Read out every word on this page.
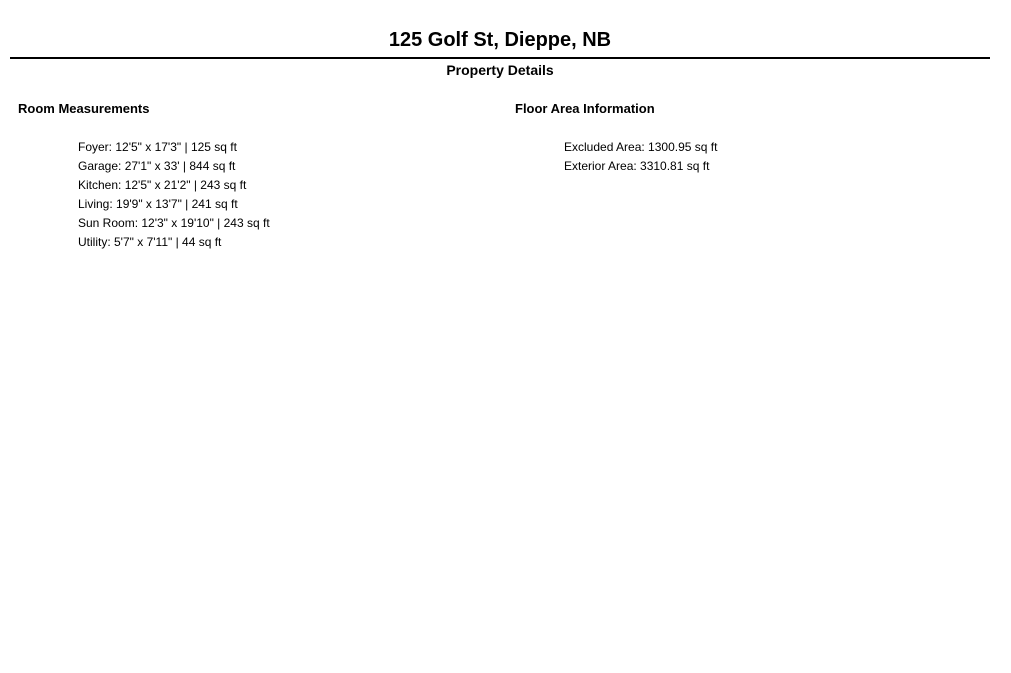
125 Golf St, Dieppe, NB
Property Details
Room Measurements
Foyer: 12'5" x 17'3" | 125 sq ft
Garage: 27'1" x 33' | 844 sq ft
Kitchen: 12'5" x 21'2" | 243 sq ft
Living: 19'9" x 13'7" | 241 sq ft
Sun Room: 12'3" x 19'10" | 243 sq ft
Utility: 5'7" x 7'11" | 44 sq ft
Floor Area Information
Excluded Area: 1300.95 sq ft
Exterior Area: 3310.81 sq ft
